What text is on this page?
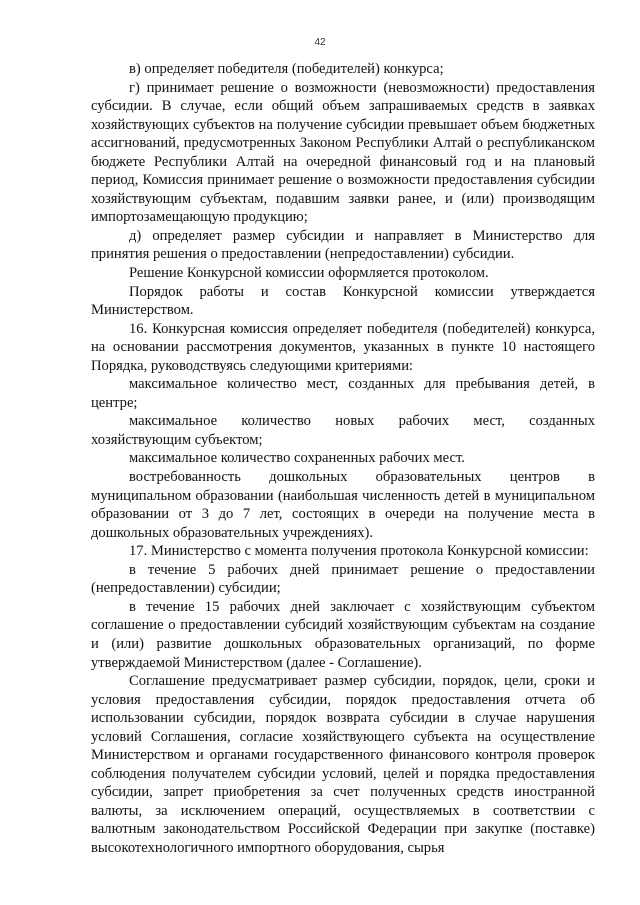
42

в) определяет победителя (победителей) конкурса;

г) принимает решение о возможности (невозможности) предоставления субсидии. В случае, если общий объем запрашиваемых средств в заявках хозяйствующих субъектов на получение субсидии превышает объем бюджетных ассигнований, предусмотренных Законом Республики Алтай о республиканском бюджете Республики Алтай на очередной финансовый год и на плановый период, Комиссия принимает решение о возможности предоставления субсидии хозяйствующим субъектам, подавшим заявки ранее, и (или) производящим импортозамещающую продукцию;

д) определяет размер субсидии и направляет в Министерство для принятия решения о предоставлении (непредоставлении) субсидии.

Решение Конкурсной комиссии оформляется протоколом.

Порядок работы и состав Конкурсной комиссии утверждается Министерством.

16. Конкурсная комиссия определяет победителя (победителей) конкурса, на основании рассмотрения документов, указанных в пункте 10 настоящего Порядка, руководствуясь следующими критериями:

максимальное количество мест, созданных для пребывания детей, в центре;

максимальное количество новых рабочих мест, созданных хозяйствующим субъектом;

максимальное количество сохраненных рабочих мест.

востребованность дошкольных образовательных центров в муниципальном образовании (наибольшая численность детей в муниципальном образовании от 3 до 7 лет, состоящих в очереди на получение места в дошкольных образовательных учреждениях).

17. Министерство с момента получения протокола Конкурсной комиссии:

в течение 5 рабочих дней принимает решение о предоставлении (непредоставлении) субсидии;

в течение 15 рабочих дней заключает с хозяйствующим субъектом соглашение о предоставлении субсидий хозяйствующим субъектам на создание и (или) развитие дошкольных образовательных организаций, по форме утверждаемой Министерством (далее - Соглашение).

Соглашение предусматривает размер субсидии, порядок, цели, сроки и условия предоставления субсидии, порядок предоставления отчета об использовании субсидии, порядок возврата субсидии в случае нарушения условий Соглашения, согласие хозяйствующего субъекта на осуществление Министерством и органами государственного финансового контроля проверок соблюдения получателем субсидии условий, целей и порядка предоставления субсидии, запрет приобретения за счет полученных средств иностранной валюты, за исключением операций, осуществляемых в соответствии с валютным законодательством Российской Федерации при закупке (поставке) высокотехнологичного импортного оборудования, сырья
